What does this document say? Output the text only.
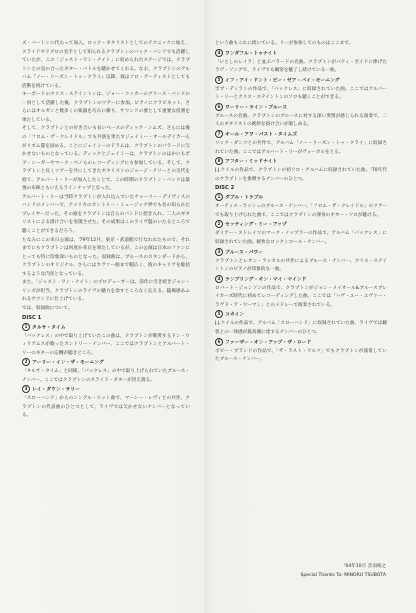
ズ・バートンに代わって加入。ロック・ギタリストとしてのテクニックに加え、スライドやドブロの名手として知られるクラプトンのバック・バンドでも活躍していたが、この「ジャスト・ワン・ナイト」に収められたステージでは、クラプトンとの息の合ったギター・バトルを聴かせてくれる。なお、クラプトンのアルバム『ノー・リーズン・トゥ・クライ』以降、彼はソロ・アーティストとしても活動を続けている。

キーボードのクリス・ステイントンは、ジョー・コッカーのグリース・バンドの一員として活躍した後、クラプトンのツアーに参加。ピアノにクラビネット、さらにはオルガンと数多くの楽器を巧みに操り、サウンドの要として重要な役割を果たしている。

そして、クラプトンとの付き合いも長いベースのディック・シムズ、さらには後の「フロム・ザ・クレイドル」でも共演を果たすジェイミー・オールデイカーらがリズム隊を固める。ことにジェイミーのドラムは、クラプトンのバラードに欠かせないものとなっている。ディックとジェイミーは、クラプトンのほかにもボブ・シーガーやマーク・ベノらのレコーディングにも参加している。そして、クラプトンと長くツアーを共にしてきたギタリストのジョージ・テリーとの交代を経て、アルバート・リーが加入したことで、この時期のクラプトン・バンドは最強の布陣ともいえるラインナップとなった。

アルバート・リーは当時クラプトンが入れ込んでいたチャーリー・デイヴィスのバンドのメンバーで、アメリカのカントリー・ミュージック界でも名の知られたプレイヤーだった。その彼をクラプトンは自らのバンドに招き入れ、二人のギタリストによる掛け合いを実現させた。その成果はこのライヴ盤のいたるところで聴くことができるだろう。

ちなみにこの来日公演は、'79年12月、東京・武道館で行なわれたもので、それまでにもクラプトンは何度か来日を果たしているが、この公演は日本のファンにとっても特に印象深いものとなった。収録曲は、ブルースのスタンダードから、クラプトンのオリジナル、さらにはカヴァー曲まで幅広く、彼のキャリアを総括するような内容となっている。

また、「ジャスト・ワン・ナイト」のプロデューサーは、前作に引き続きジョン・リンズが担当。クラプトンのライヴの魅力を余すところなく伝える、臨場感あふれるサウンドに仕上げている。

では、収録曲について。

DISC 1

1 タルサ・タイム

「バックレス」の中で取り上げていたこの曲は、クラプトンが敬愛するドン・ウィリアムスが歌ったカントリー・ナンバー。ここではクラプトンとアルバート・リーのギターの応酬が聴きどころ。

2 アーリー・イン・ザ・モーニング

「タルサ・タイム」と同様、「バックレス」の中で取り上げられていたブルース・ナンバー。ここではクラプトンのスライド・ギターが冴え渡る。

3 レイ・ダウン・サリー

「スローハンド」からのシングル・ヒット曲で、マーシー・レヴィとの共作。クラプトンの代表曲のひとつとして、ライヴでは欠かせないナンバーとなっている。

という曲もこれに続いている。リーが参加してのものはここまで。

4 ワンダフル・トゥナイト

「いとしのレイラ」と並ぶバラードの名曲。クラプトンがパティ・ボイドに捧げたラヴ・ソングで、ライヴでも観客を魅了し続けている一曲。

5 イフ・アイ・ドント・ビー・ゼア・バイ・モーニング

ボブ・ディランの作品で、「バックレス」に収録されていた曲。ここではアルバート・リーとクリス・ステイントンのソロも聴くことができる。

6 ワーリー・ライン・ブルース

ブルースの名曲。クラプトンのブルースに対する深い愛情が感じられる演奏で、二人のギタリストの絶妙な掛け合いが楽しめる。

7 オール・アワ・パスト・タイムズ

リック・ダンコとの共作で、アルバム「ノー・リーズン・トゥ・クライ」に収録されていた曲。ここではアルバート・リーがヴォーカルをとる。

8 アフター・ミッドナイト

J.J.ケイルの作品で、クラプトンの初ソロ・アルバムに収録されていた曲。'70年代のクラプトンを象徴するナンバーのひとつ。

DISC 2

1 ダブル・トラブル

オーティス・ラッシュのブルース・ナンバー。「フロム・ザ・クレイドル」のツアーでも取り上げられた曲で、ここではクラプトンの渾身のギター・ソロが聴ける。

2 セッティング・ミー・アップ

ダイアー・ストレイツのマーク・ノップラーの作品で、アルバム「バックレス」に収録されていた曲。軽快なロックンロール・ナンバー。

3 ブルース・パワー

クラプトンとレオン・ラッセルの共作によるブルース・ナンバー。クリス・ステイントンのピアノが印象的な一曲。

4 ランブリング・オン・マイ・マインド

ロバート・ジョンソンの作品で、クラプトンがジョン・メイオール&ブルースブレイカーズ時代に初めてレコーディングした曲。ここでは「ハヴ・ユー・エヴァー・ラヴド・ア・ウーマン」とのメドレーで演奏されている。

5 コカイン

J.J.ケイルの作品で、アルバム「スローハンド」に収録されていた曲。ライヴでは観客との一体感が最高潮に達するナンバーのひとつ。

6 ファーザー・オン・アップ・ザ・ロード

ボビー・ブランドの作品で、「ザ・ラスト・ワルツ」でもクラプトンが演奏していたブルース・ナンバー。

'94年10月 音羽裕之
Special Thanks To: MINORU TSUBOTA
